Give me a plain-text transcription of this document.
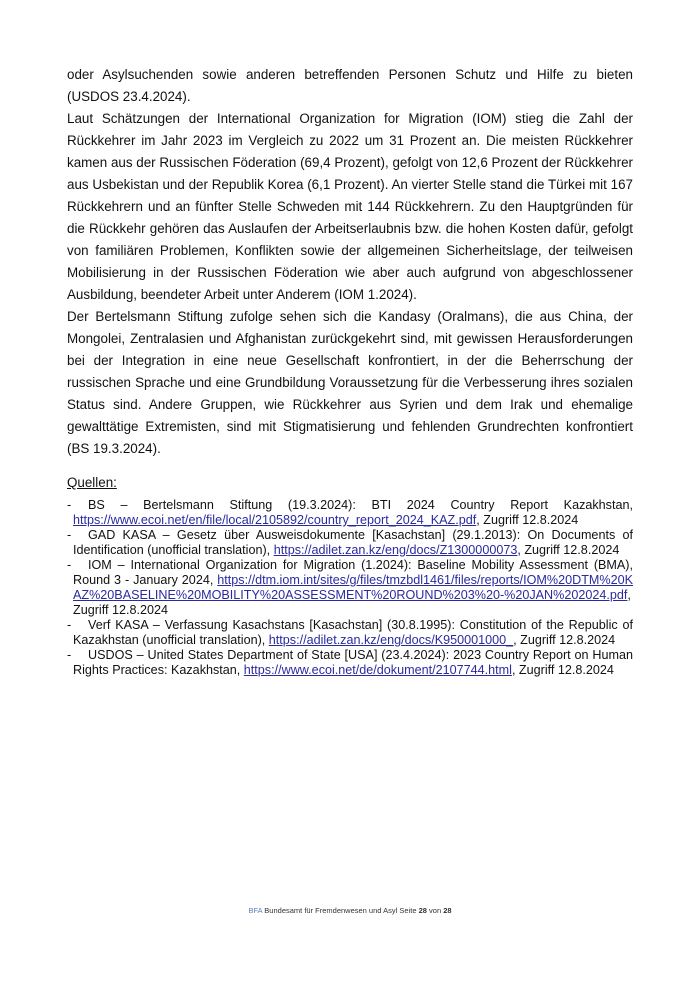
oder Asylsuchenden sowie anderen betreffenden Personen Schutz und Hilfe zu bieten (USDOS 23.4.2024).

Laut Schätzungen der International Organization for Migration (IOM) stieg die Zahl der Rückkehrer im Jahr 2023 im Vergleich zu 2022 um 31 Prozent an. Die meisten Rückkehrer kamen aus der Russischen Föderation (69,4 Prozent), gefolgt von 12,6 Prozent der Rückkehrer aus Usbekistan und der Republik Korea (6,1 Prozent). An vierter Stelle stand die Türkei mit 167 Rückkehrern und an fünfter Stelle Schweden mit 144 Rückkehrern. Zu den Hauptgründen für die Rückkehr gehören das Auslaufen der Arbeitserlaubnis bzw. die hohen Kosten dafür, gefolgt von familiären Problemen, Konflikten sowie der allgemeinen Sicherheitslage, der teilweisen Mobilisierung in der Russischen Föderation wie aber auch aufgrund von abgeschlossener Ausbildung, beendeter Arbeit unter Anderem (IOM 1.2024).

Der Bertelsmann Stiftung zufolge sehen sich die Kandasy (Oralmans), die aus China, der Mongolei, Zentralasien und Afghanistan zurückgekehrt sind, mit gewissen Herausforderungen bei der Integration in eine neue Gesellschaft konfrontiert, in der die Beherrschung der russischen Sprache und eine Grundbildung Voraussetzung für die Verbesserung ihres sozialen Status sind. Andere Gruppen, wie Rückkehrer aus Syrien und dem Irak und ehemalige gewalttätige Extremisten, sind mit Stigmatisierung und fehlenden Grundrechten konfrontiert (BS 19.3.2024).

Quellen:
- BS – Bertelsmann Stiftung (19.3.2024): BTI 2024 Country Report Kazakhstan, https://www.ecoi.net/en/file/local/2105892/country_report_2024_KAZ.pdf, Zugriff 12.8.2024
- GAD KASA – Gesetz über Ausweisdokumente [Kasachstan] (29.1.2013): On Documents of Identification (unofficial translation), https://adilet.zan.kz/eng/docs/Z1300000073, Zugriff 12.8.2024
- IOM – International Organization for Migration (1.2024): Baseline Mobility Assessment (BMA), Round 3 - January 2024, https://dtm.iom.int/sites/g/files/tmzbdl1461/files/reports/IOM%20DTM%20KAZ%20BASELINE%20MOBILITY%20ASSESSMENT%20ROUND%203%20-%20JAN%202024.pdf, Zugriff 12.8.2024
- Verf KASA – Verfassung Kasachstans [Kasachstan] (30.8.1995): Constitution of the Republic of Kazakhstan (unofficial translation), https://adilet.zan.kz/eng/docs/K950001000_, Zugriff 12.8.2024
- USDOS – United States Department of State [USA] (23.4.2024): 2023 Country Report on Human Rights Practices: Kazakhstan, https://www.ecoi.net/de/dokument/2107744.html, Zugriff 12.8.2024
BFA Bundesamt für Fremdenwesen und Asyl Seite 28 von 28
